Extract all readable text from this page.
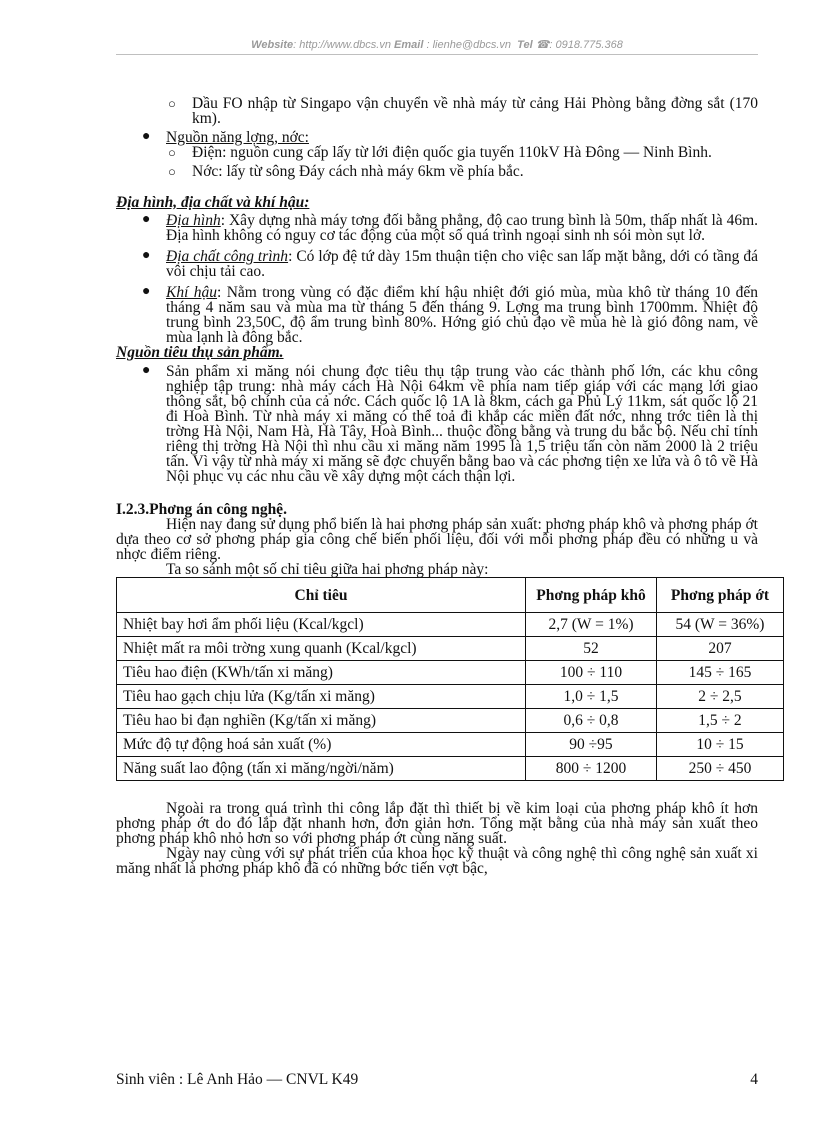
Website: http://www.dbcs.vn Email : lienhe@dbcs.vn Tel ☎: 0918.775.368
○ Dầu FO nhập từ Singapo vận chuyển về nhà máy từ cảng Hải Phòng bằng đờng sắt (170 km).
● Nguồn năng lợng, nớc:
○ Điện: nguồn cung cấp lấy từ lới điện quốc gia tuyến 110kV Hà Đông — Ninh Bình.
○ Nớc: lấy từ sông Đáy cách nhà máy 6km về phía bắc.
Địa hình, địa chất và khí hậu:
● Địa hình: Xây dựng nhà máy tơng đối bằng phẳng, độ cao trung bình là 50m, thấp nhất là 46m. Địa hình không có nguy cơ tác động của một số quá trình ngoại sinh nh sói mòn sụt lở.
● Địa chất công trình: Có lớp đệ tứ dày 15m thuận tiện cho việc san lấp mặt bằng, dới có tầng đá vôi chịu tải cao.
● Khí hậu: Nằm trong vùng có đặc điểm khí hậu nhiệt đới gió mùa, mùa khô từ tháng 10 đến tháng 4 năm sau và mùa ma từ tháng 5 đến tháng 9. Lợng ma trung bình 1700mm. Nhiệt độ trung bình 23,50C, độ ẩm trung bình 80%. Hớng gió chủ đạo về mùa hè là gió đông nam, về mùa lạnh là đông bắc.
Nguồn tiêu thụ sản phẩm.
● Sản phẩm xi măng nói chung đợc tiêu thụ tập trung vào các thành phố lớn, các khu công nghiệp tập trung: nhà máy cách Hà Nội 64km về phía nam tiếp giáp với các mạng lới giao thông sắt, bộ chính của cả nớc. Cách quốc lộ 1A là 8km, cách ga Phủ Lý 11km, sát quốc lộ 21 đi Hoà Bình. Từ nhà máy xi măng có thể toả đi khắp các miền đất nớc, nhng trớc tiên là thị trờng Hà Nội, Nam Hà, Hà Tây, Hoà Bình... thuộc đồng bằng và trung du bắc bộ. Nếu chỉ tính riêng thị trờng Hà Nội thì nhu cầu xi măng năm 1995 là 1,5 triệu tấn còn năm 2000 là 2 triệu tấn. Vì vậy từ nhà máy xi măng sẽ đợc chuyển bằng bao và các phơng tiện xe lửa và ô tô về Hà Nội phục vụ các nhu cầu về xây dựng một cách thận lợi.
I.2.3.Phơng án công nghệ.
Hiện nay đang sử dụng phổ biến là hai phơng pháp sản xuất: phơng pháp khô và phơng pháp ớt dựa theo cơ sở phơng pháp gia công chế biến phối liệu, đối với mỗi phơng pháp đều có những u và nhợc điểm riêng.
Ta so sánh một số chỉ tiêu giữa hai phơng pháp này:
Chỉ tiêu	Phơng pháp khô	Phơng pháp ớt
Nhiệt bay hơi ẩm phối liệu (Kcal/kgcl)	2,7 (W = 1%)	54 (W = 36%)
Nhiệt mất ra môi trờng xung quanh (Kcal/kgcl)	52	207
Tiêu hao điện (KWh/tấn xi măng)	100 ÷ 110	145 ÷ 165
Tiêu hao gạch chịu lửa (Kg/tấn xi măng)	1,0 ÷ 1,5	2 ÷ 2,5
Tiêu hao bi đạn nghiền (Kg/tấn xi măng)	0,6 ÷ 0,8	1,5 ÷ 2
Mức độ tự động hoá sản xuất (%)	90 ÷95	10 ÷ 15
Năng suất lao động (tấn xi măng/ngời/năm)	800 ÷ 1200	250 ÷ 450
Ngoài ra trong quá trình thi công lắp đặt thì thiết bị về kim loại của phơng pháp khô ít hơn phơng pháp ớt do đó lắp đặt nhanh hơn, đơn giản hơn. Tổng mặt bằng của nhà máy sản xuất theo phơng pháp khô nhỏ hơn so với phơng pháp ớt cùng năng suất.
Ngày nay cùng với sự phát triển của khoa học kỹ thuật và công nghệ thì công nghệ sản xuất xi măng nhất là phơng pháp khô đã có những bớc tiến vợt bậc,
Sinh viên : Lê Anh Hảo — CNVL K49	4
